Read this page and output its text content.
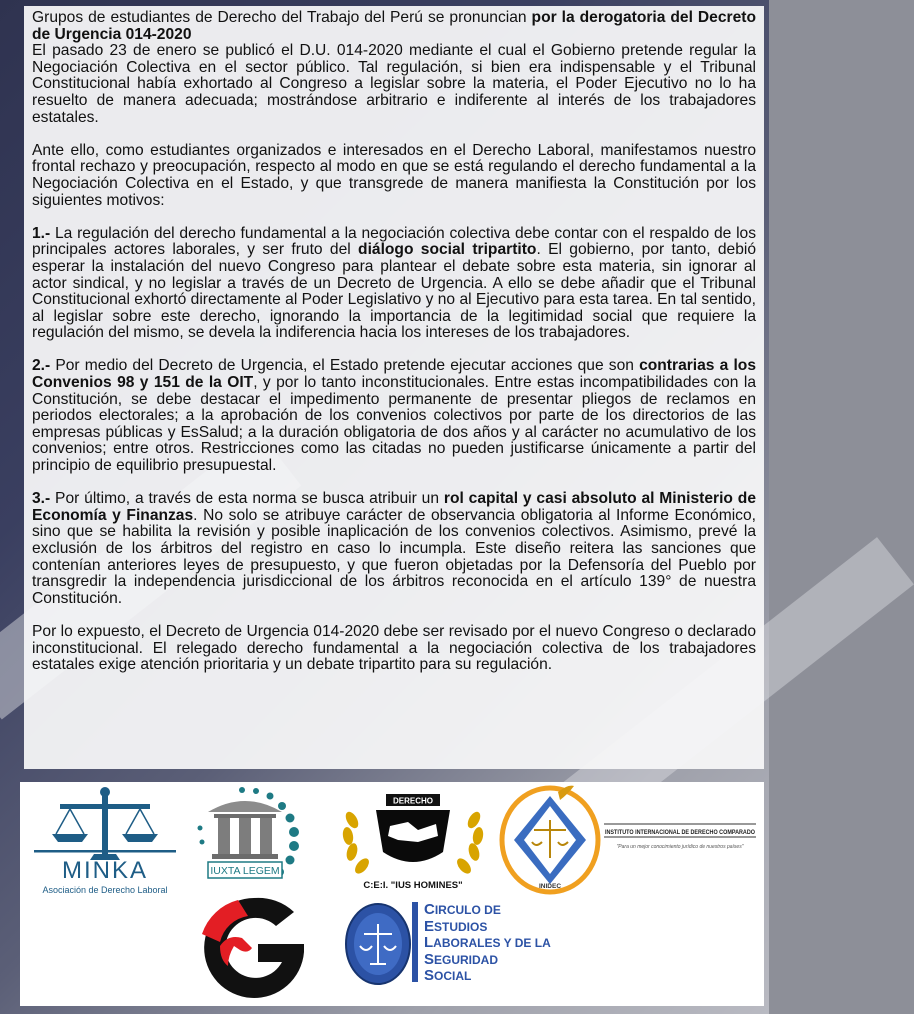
Grupos de estudiantes de Derecho del Trabajo del Perú se pronuncian por la derogatoria del Decreto de Urgencia 014-2020

El pasado 23 de enero se publicó el D.U. 014-2020 mediante el cual el Gobierno pretende regular la Negociación Colectiva en el sector público. Tal regulación, si bien era indispensable y el Tribunal Constitucional había exhortado al Congreso a legislar sobre la materia, el Poder Ejecutivo no lo ha resuelto de manera adecuada; mostrándose arbitrario e indiferente al interés de los trabajadores estatales.

Ante ello, como estudiantes organizados e interesados en el Derecho Laboral, manifestamos nuestro frontal rechazo y preocupación, respecto al modo en que se está regulando el derecho fundamental a la Negociación Colectiva en el Estado, y que transgrede de manera manifiesta la Constitución por los siguientes motivos:

1.- La regulación del derecho fundamental a la negociación colectiva debe contar con el respaldo de los principales actores laborales, y ser fruto del diálogo social tripartito. El gobierno, por tanto, debió esperar la instalación del nuevo Congreso para plantear el debate sobre esta materia, sin ignorar al actor sindical, y no legislar a través de un Decreto de Urgencia. A ello se debe añadir que el Tribunal Constitucional exhortó directamente al Poder Legislativo y no al Ejecutivo para esta tarea. En tal sentido, al legislar sobre este derecho, ignorando la importancia de la legitimidad social que requiere la regulación del mismo, se devela la indiferencia hacia los intereses de los trabajadores.

2.- Por medio del Decreto de Urgencia, el Estado pretende ejecutar acciones que son contrarias a los Convenios 98 y 151 de la OIT, y por lo tanto inconstitucionales. Entre estas incompatibilidades con la Constitución, se debe destacar el impedimento permanente de presentar pliegos de reclamos en periodos electorales; a la aprobación de los convenios colectivos por parte de los directorios de las empresas públicas y EsSalud; a la duración obligatoria de dos años y al carácter no acumulativo de los convenios; entre otros. Restricciones como las citadas no pueden justificarse únicamente a partir del principio de equilibrio presupuestal.

3.- Por último, a través de esta norma se busca atribuir un rol capital y casi absoluto al Ministerio de Economía y Finanzas. No solo se atribuye carácter de observancia obligatoria al Informe Económico, sino que se habilita la revisión y posible inaplicación de los convenios colectivos. Asimismo, prevé la exclusión de los árbitros del registro en caso lo incumpla. Este diseño reitera las sanciones que contenían anteriores leyes de presupuesto, y que fueron objetadas por la Defensoría del Pueblo por transgredir la independencia jurisdiccional de los árbitros reconocida en el artículo 139° de nuestra Constitución.

Por lo expuesto, el Decreto de Urgencia 014-2020 debe ser revisado por el nuevo Congreso o declarado inconstitucional. El relegado derecho fundamental a la negociación colectiva de los trabajadores estatales exige atención prioritaria y un debate tripartito para su regulación.

MINKA
Asociación de Derecho Laboral
IUXTA LEGEM
DERECHO
C:E:I. "IUS HOMINES"	INIDEC
INSTITUTO INTERNACIONAL DE DERECHO COMPARADO
"Para un mejor conocimiento jurídico de nuestros países"
CIRCULO DE
ESTUDIOS
LABORALES Y DE LA
SEGURIDAD
SOCIAL
